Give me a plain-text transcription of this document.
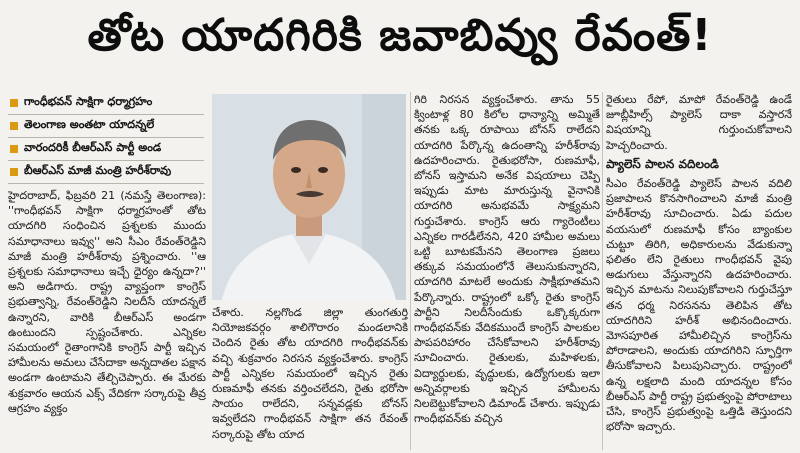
తోట యాదగిరికి జవాబివ్వు రేవంత్!
గాంధీభవన్ సాక్షిగా ధర్మాగ్రహం
తెలంగాణ అంతటా యాదన్నలే
వారందరికీ బీఆర్ఎస్ పార్టీ అండ
బీఆర్ఎస్ మాజీ మంత్రి హరీశ్‌రావు

హైదరాబాద్, ఫిబ్రవరి 21 (నమస్తే తెలంగాణ): ''గాంధీభవన్ సాక్షిగా ధర్మాగ్రహంతో తోట యాదగిరి సంధించిన ప్రశ్నలకు ముందు సమాధానాలు ఇవ్వు'' అని సీఎం రేవంత్‌రెడ్డిని మాజీ మంత్రి హరీశ్‌రావు ప్రశ్నించారు. ''ఆ ప్రశ్నలకు సమాధానాలు ఇచ్చే ధైర్యం ఉన్నదా?'' అని అడిగారు. రాష్ట్ర వ్యాప్తంగా కాంగ్రెస్ ప్రభుత్వాన్ని, రేవంత్‌రెడ్డిని నిలదీసే యాదన్నలే ఉన్నారని, వారికి బీఆర్ఎస్ అండగా ఉంటుందని స్పష్టంచేశారు. ఎన్నికల సమయంలో రైతాంగానికి కాంగ్రెస్ పార్టీ ఇచ్చిన హామీలను అమలు చేసేదాకా అన్నదాతల పక్షాన అండగా ఉంటామని తేల్చిచెప్పారు. ఈ మేరకు శుక్రవారం ఆయన ఎక్స్ వేదికగా సర్కారుపై తీవ్ర ఆగ్రహం వ్యక్తం

చేశారు. నల్లగొండ జిల్లా తుంగతుర్తి నియోజకవర్గం శాలిగౌరారం మండలానికి చెందిన రైతు తోట యాదగిరి గాంధీభవన్‌కు వచ్చి శుక్రవారం నిరసన వ్యక్తంచేశారు. కాంగ్రెస్ పార్టీ ఎన్నికల సమయంలో ఇచ్చిన రైతు రుణమాఫీ తనకు వర్తించలేదని, రైతు భరోసా సాయం రాలేదని, సన్నవడ్లకు బోనస్ ఇవ్వలేదని గాంధీభవన్ సాక్షిగా తన రేవంత్ సర్కారుపై తోట యాద

గిరి నిరసన వ్యక్తంచేశారు. తాను 55 క్వింటాళ్ల 80 కిలోల ధాన్యాన్ని అమ్మితే తనకు ఒక్క రూపాయి బోనస్ రాలేదని యాదగిరి పేర్కొన్న ఉదంతాన్ని హరీశ్‌రావు ఉదహరించారు. రైతుభరోసా, రుణమాఫీ, బోనస్ ఇస్తామని అనేక విషయాలు చెప్పి ఇప్పుడు మాట మారుస్తున్న వైనానికి యాదగిరి అనుభవమే సాక్ష్యమని గుర్తుచేశారు. కాంగ్రెస్ ఆరు గ్యారెంటీలు ఎన్నికల గారడీలేనని, 420 హామీల అమలు ఒట్టి బూటకమేనని తెలంగాణ ప్రజలు తక్కువ సమయంలోనే తెలుసుకున్నారని, యాదగిరి మాటలే అందుకు సాక్షీభూతమని పేర్కొన్నారు. రాష్ట్రంలో ఒక్కో రైతు కాంగ్రెస్ పార్టీని నిలదీసేందుకు ఒక్కొక్కరుగా గాంధీభవన్‌కు వేదికముందే కాంగ్రెస్ పాలకుల పాపపరిహారం చేసేకోవాలని హరీశ్‌రావు సూచించారు. రైతులకు, మహిళలకు, విద్యార్థులకు, వృద్ధులకు, ఉద్యోగులకు ఇలా అన్నివర్గాలకు ఇచ్చిన హామీలను నిలబెట్టుకోవాలని డిమాండ్ చేశారు. ఇప్పుడు గాంధీభవన్‌కు వచ్చిన

రైతులు రేపో, మాపో రేవంత్‌రెడ్డి ఉండే జూబ్లీహిల్స్ ప్యాలెస్ దాకా వస్తారనే విషయాన్ని గుర్తుంచుకోవాలని హెచ్చరించారు.

ప్యాలెస్ పాలన వదిలండి

సీఎం రేవంత్‌రెడ్డి ప్యాలెస్ పాలన వదిలి ప్రజాపాలన కొనసాగించాలని మాజీ మంత్రి హరీశ్‌రావు సూచించారు. ఏడు పదుల వయసులో రుణమాఫీ కోసం బ్యాంకుల చుట్టూ తిరిగి, అధికారులను వేడుకున్నా ఫలితం లేని రైతులు గాంధీభవన్ వైపు అడుగులు వేస్తున్నారని ఉదహరించారు. ఇచ్చిన మాటను నిలుపుకోవాలని గుర్తుచేస్తూ తన ధర్మ నిరసనను తెలిపిన తోట యాదగిరిని హరీశ్ అభినందించారు. మోసపూరిత హామీలిచ్చిన కాంగ్రెస్‌ను పోరాడాలని, అందుకు యాదగిరిని స్ఫూర్తిగా తీసుకోవాలని పిలుపునిచ్చారు. రాష్ట్రంలో ఉన్న లక్షలాది మంది యాదన్నల కోసం బీఆర్ఎస్ పార్టీ రాష్ట్ర ప్రభుత్వంపై పోరాటాలు చేసి, కాంగ్రెస్ ప్రభుత్వంపై ఒత్తిడి తెస్తుందని భరోసా ఇచ్చారు.
